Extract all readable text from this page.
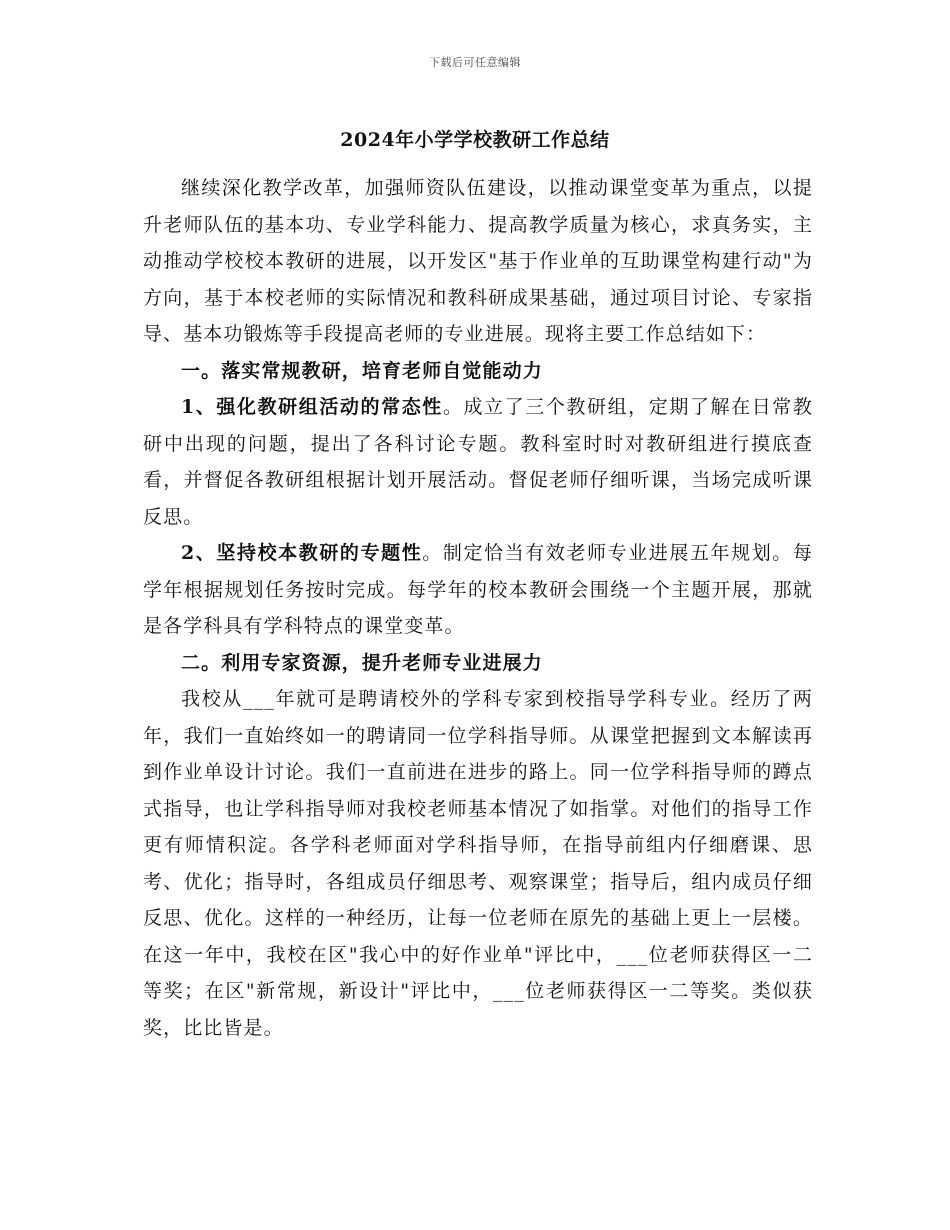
下载后可任意编辑
2024年小学学校教研工作总结

继续深化教学改革，加强师资队伍建设，以推动课堂变革为重点，以提升老师队伍的基本功、专业学科能力、提高教学质量为核心，求真务实，主动推动学校校本教研的进展，以开发区"基于作业单的互助课堂构建行动"为方向，基于本校老师的实际情况和教科研成果基础，通过项目讨论、专家指导、基本功锻炼等手段提高老师的专业进展。现将主要工作总结如下：

一。落实常规教研，培育老师自觉能动力

1、强化教研组活动的常态性。成立了三个教研组，定期了解在日常教研中出现的问题，提出了各科讨论专题。教科室时时对教研组进行摸底查看，并督促各教研组根据计划开展活动。督促老师仔细听课，当场完成听课反思。

2、坚持校本教研的专题性。制定恰当有效老师专业进展五年规划。每学年根据规划任务按时完成。每学年的校本教研会围绕一个主题开展，那就是各学科具有学科特点的课堂变革。

二。利用专家资源，提升老师专业进展力

我校从___年就可是聘请校外的学科专家到校指导学科专业。经历了两年，我们一直始终如一的聘请同一位学科指导师。从课堂把握到文本解读再到作业单设计讨论。我们一直前进在进步的路上。同一位学科指导师的蹲点式指导，也让学科指导师对我校老师基本情况了如指掌。对他们的指导工作更有师情积淀。各学科老师面对学科指导师，在指导前组内仔细磨课、思考、优化；指导时，各组成员仔细思考、观察课堂；指导后，组内成员仔细反思、优化。这样的一种经历，让每一位老师在原先的基础上更上一层楼。在这一年中，我校在区"我心中的好作业单"评比中，___位老师获得区一二等奖；在区"新常规，新设计"评比中，___位老师获得区一二等奖。类似获奖，比比皆是。
